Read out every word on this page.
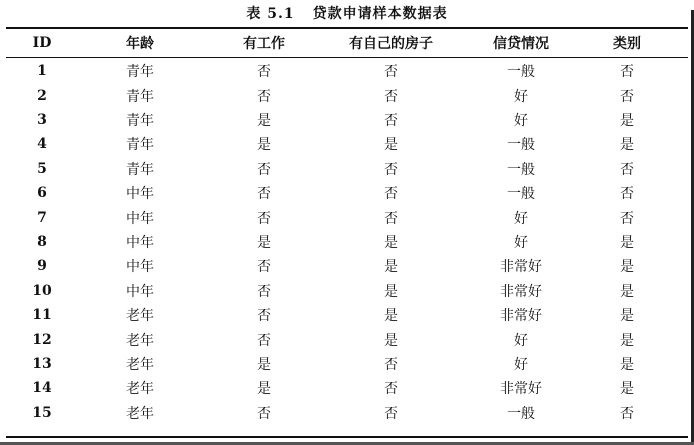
表 5.1 贷款申请样本数据表
ID	年龄	有工作	有自己的房子	信贷情况	类别
1	青年	否	否	一般	否
2	青年	否	否	好	否
3	青年	是	否	好	是
4	青年	是	是	一般	是
5	青年	否	否	一般	否
6	中年	否	否	一般	否
7	中年	否	否	好	否
8	中年	是	是	好	是
9	中年	否	是	非常好	是
10	中年	否	是	非常好	是
11	老年	否	是	非常好	是
12	老年	否	是	好	是
13	老年	是	否	好	是
14	老年	是	否	非常好	是
15	老年	否	否	一般	否
